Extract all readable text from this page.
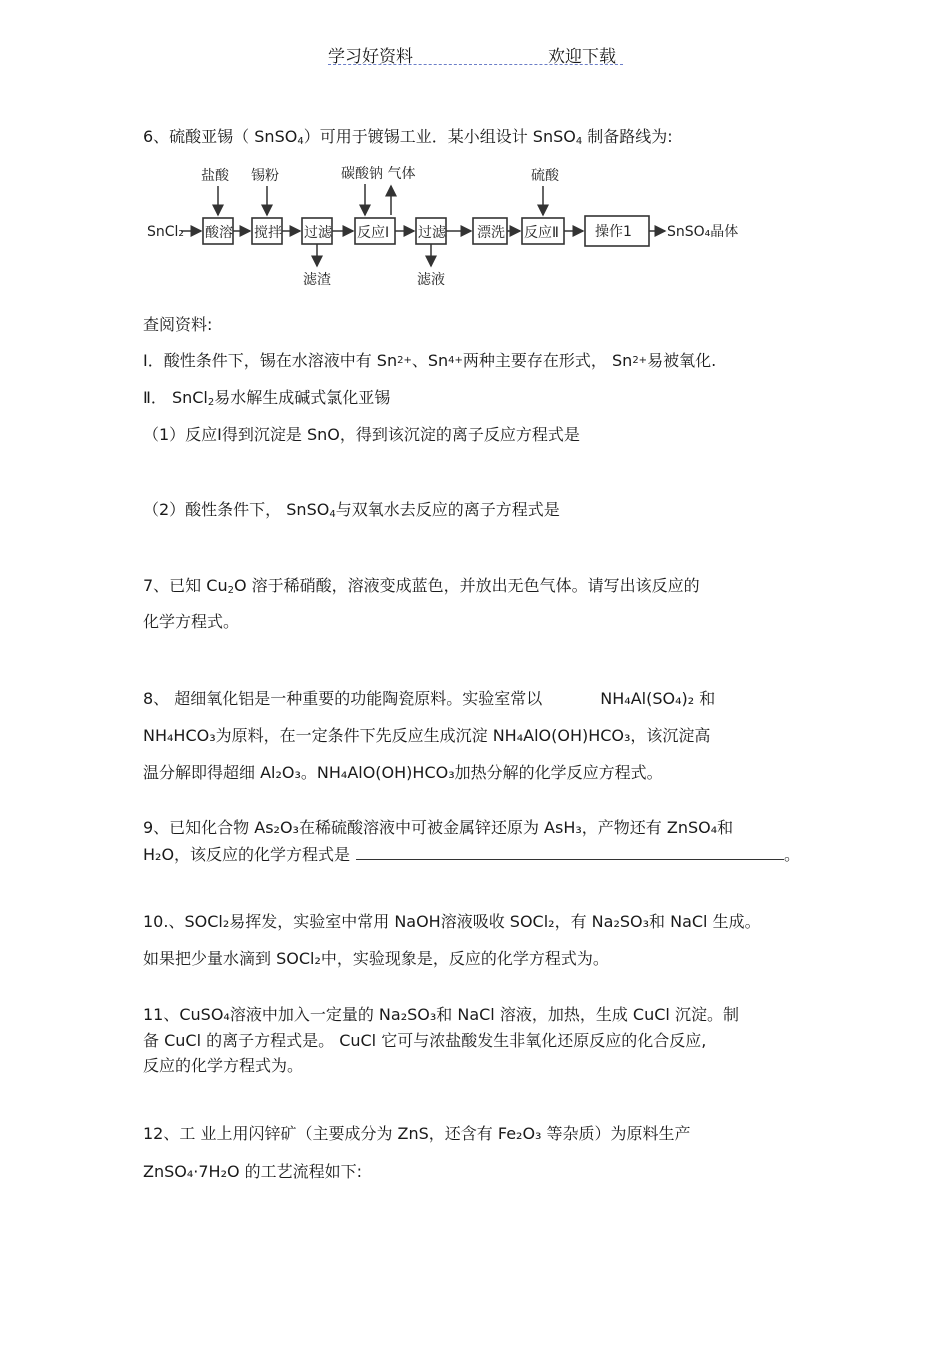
学习好资料	欢迎下载
6、硫酸亚锡（ SnSO$_4$）可用于镀锡工业．某小组设计 SnSO$_4$ 制备路线为:
SnCl₂ 酸溶 搅拌 过滤 反应Ⅰ 过滤 漂洗 反应Ⅱ	操作1	SnSO₄晶体
盐酸 锡粉	碳酸钠 气体	硫酸
滤渣	滤液
查阅资料:
Ⅰ．酸性条件下，锡在水溶液中有 $Sn^{2+}$、$Sn^{4+}$两种主要存在形式， $Sn^{2+}$易被氧化.
Ⅱ． SnCl$_2$易水解生成碱式氯化亚锡
（1）反应Ⅰ得到沉淀是 SnO，得到该沉淀的离子反应方程式是
（2）酸性条件下， SnSO$_4$与双氧水去反应的离子方程式是
7、已知 $Cu_2O$ 溶于稀硝酸，溶液变成蓝色，并放出无色气体。请写出该反应的
化学方程式。
8、 超细氧化铝是一种重要的功能陶瓷原料。实验室常以	NH₄Al(SO₄)₂ 和
NH₄HCO₃为原料，在一定条件下先反应生成沉淀 NH₄AlO(OH)HCO₃，该沉淀高
温分解即得超细 Al₂O₃。NH₄AlO(OH)HCO₃加热分解的化学反应方程式。
9、已知化合物 As₂O₃在稀硫酸溶液中可被金属锌还原为 AsH₃，产物还有 ZnSO₄和
H₂O，该反应的化学方程式是	。
10.、SOCl₂易挥发，实验室中常用 NaOH溶液吸收 SOCl₂，有 Na₂SO₃和 NaCl 生成。
如果把少量水滴到 SOCl₂中，实验现象是，反应的化学方程式为。
11、CuSO₄溶液中加入一定量的 Na₂SO₃和 NaCl 溶液，加热，生成 CuCl 沉淀。制
备 CuCl 的离子方程式是。 CuCl 它可与浓盐酸发生非氧化还原反应的化合反应,
反应的化学方程式为。
12、工 业上用闪锌矿（主要成分为 ZnS，还含有 Fe₂O₃ 等杂质）为原料生产
ZnSO₄·7H₂O 的工艺流程如下:
